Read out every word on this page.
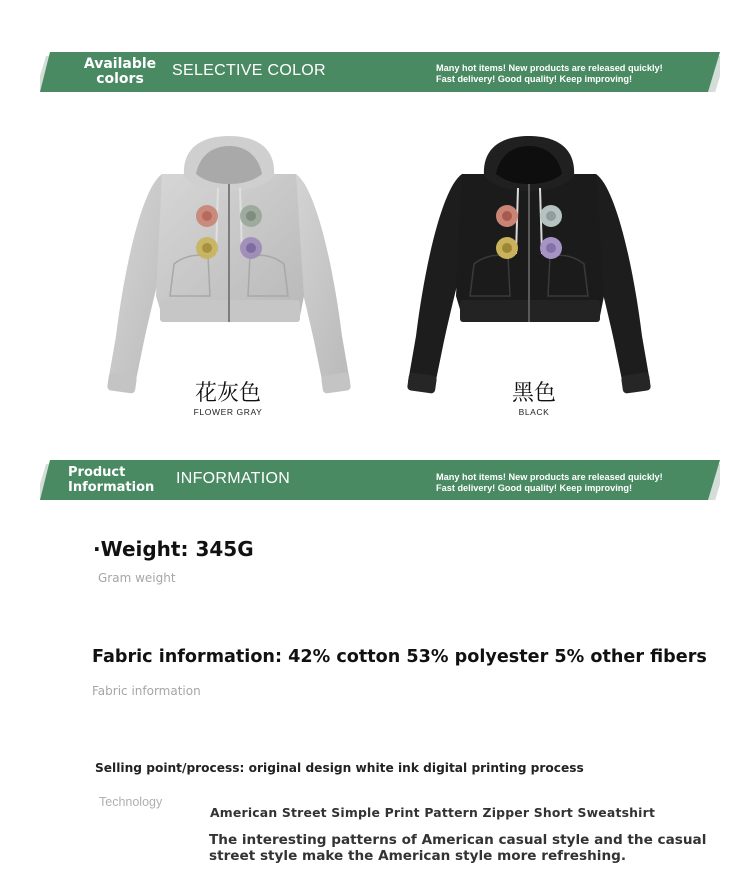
Available
colors SELECTIVE COLOR	Many hot items! New products are released quickly!
Fast delivery! Good quality! Keep improving!
花灰色
FLOWER GRAY
黑色
BLACK
Product
Information
INFORMATION	Many hot items! New products are released quickly!
Fast delivery! Good quality! Keep improving!
·Weight: 345G
Gram weight
Fabric information: 42% cotton 53% polyester 5% other fibers
Fabric information
Selling point/process: original design white ink digital printing process
Technology
American Street Simple Print Pattern Zipper Short Sweatshirt
The interesting patterns of American casual style and the casual street style make the American style more refreshing.
